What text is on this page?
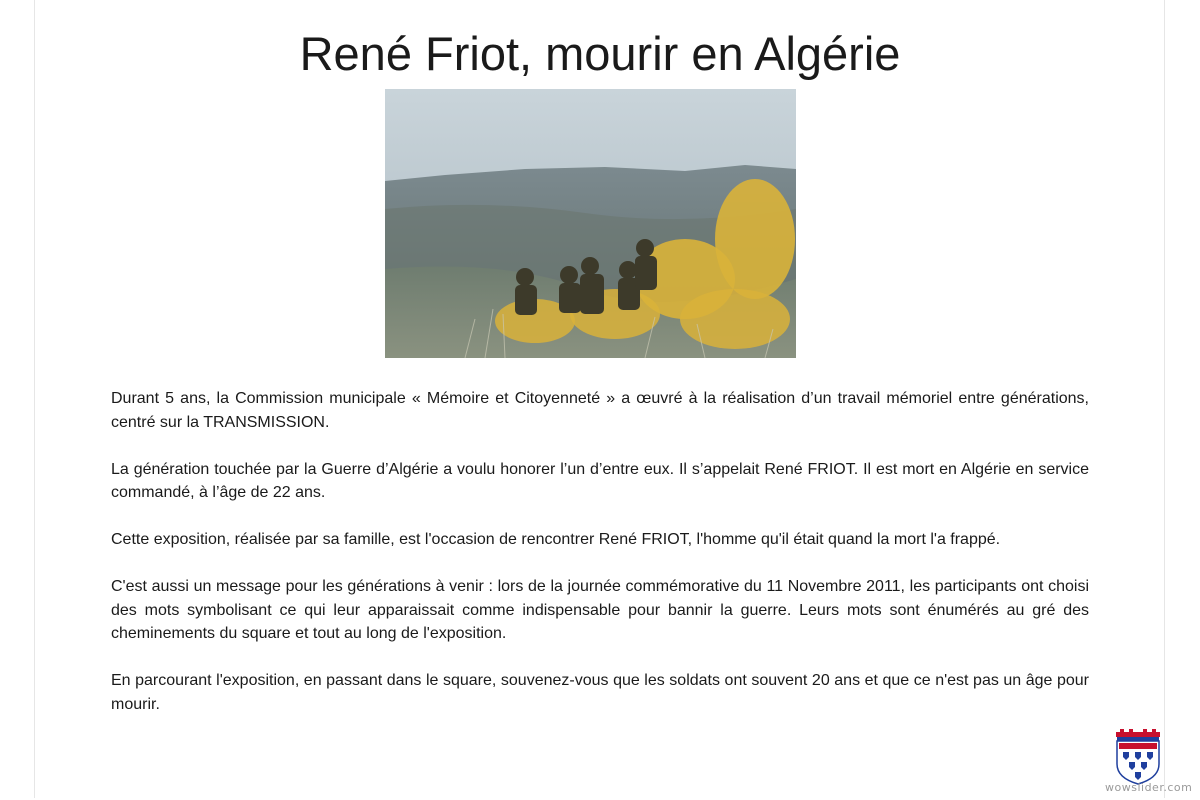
René Friot, mourir en Algérie

Durant 5 ans, la Commission municipale « Mémoire et Citoyenneté » a œuvré à la réalisation d’un travail mémoriel entre générations, centré sur la TRANSMISSION.

La génération touchée par la Guerre d’Algérie a voulu honorer l’un d’entre eux. Il s’appelait René FRIOT. Il est mort en Algérie en service commandé, à l’âge de 22 ans.

Cette exposition, réalisée par sa famille, est l'occasion de rencontrer René FRIOT, l'homme qu'il était quand la mort l'a frappé.

C'est aussi un message pour les générations à venir : lors de la journée commémorative du 11 Novembre 2011, les participants ont choisi des mots symbolisant ce qui leur apparaissait comme indispensable pour bannir la guerre. Leurs mots sont énumérés au gré des cheminements du square et tout au long de l'exposition.

En parcourant l'exposition, en passant dans le square, souvenez-vous que les soldats ont souvent 20 ans et que ce n'est pas un âge pour mourir.

wowslider.com
